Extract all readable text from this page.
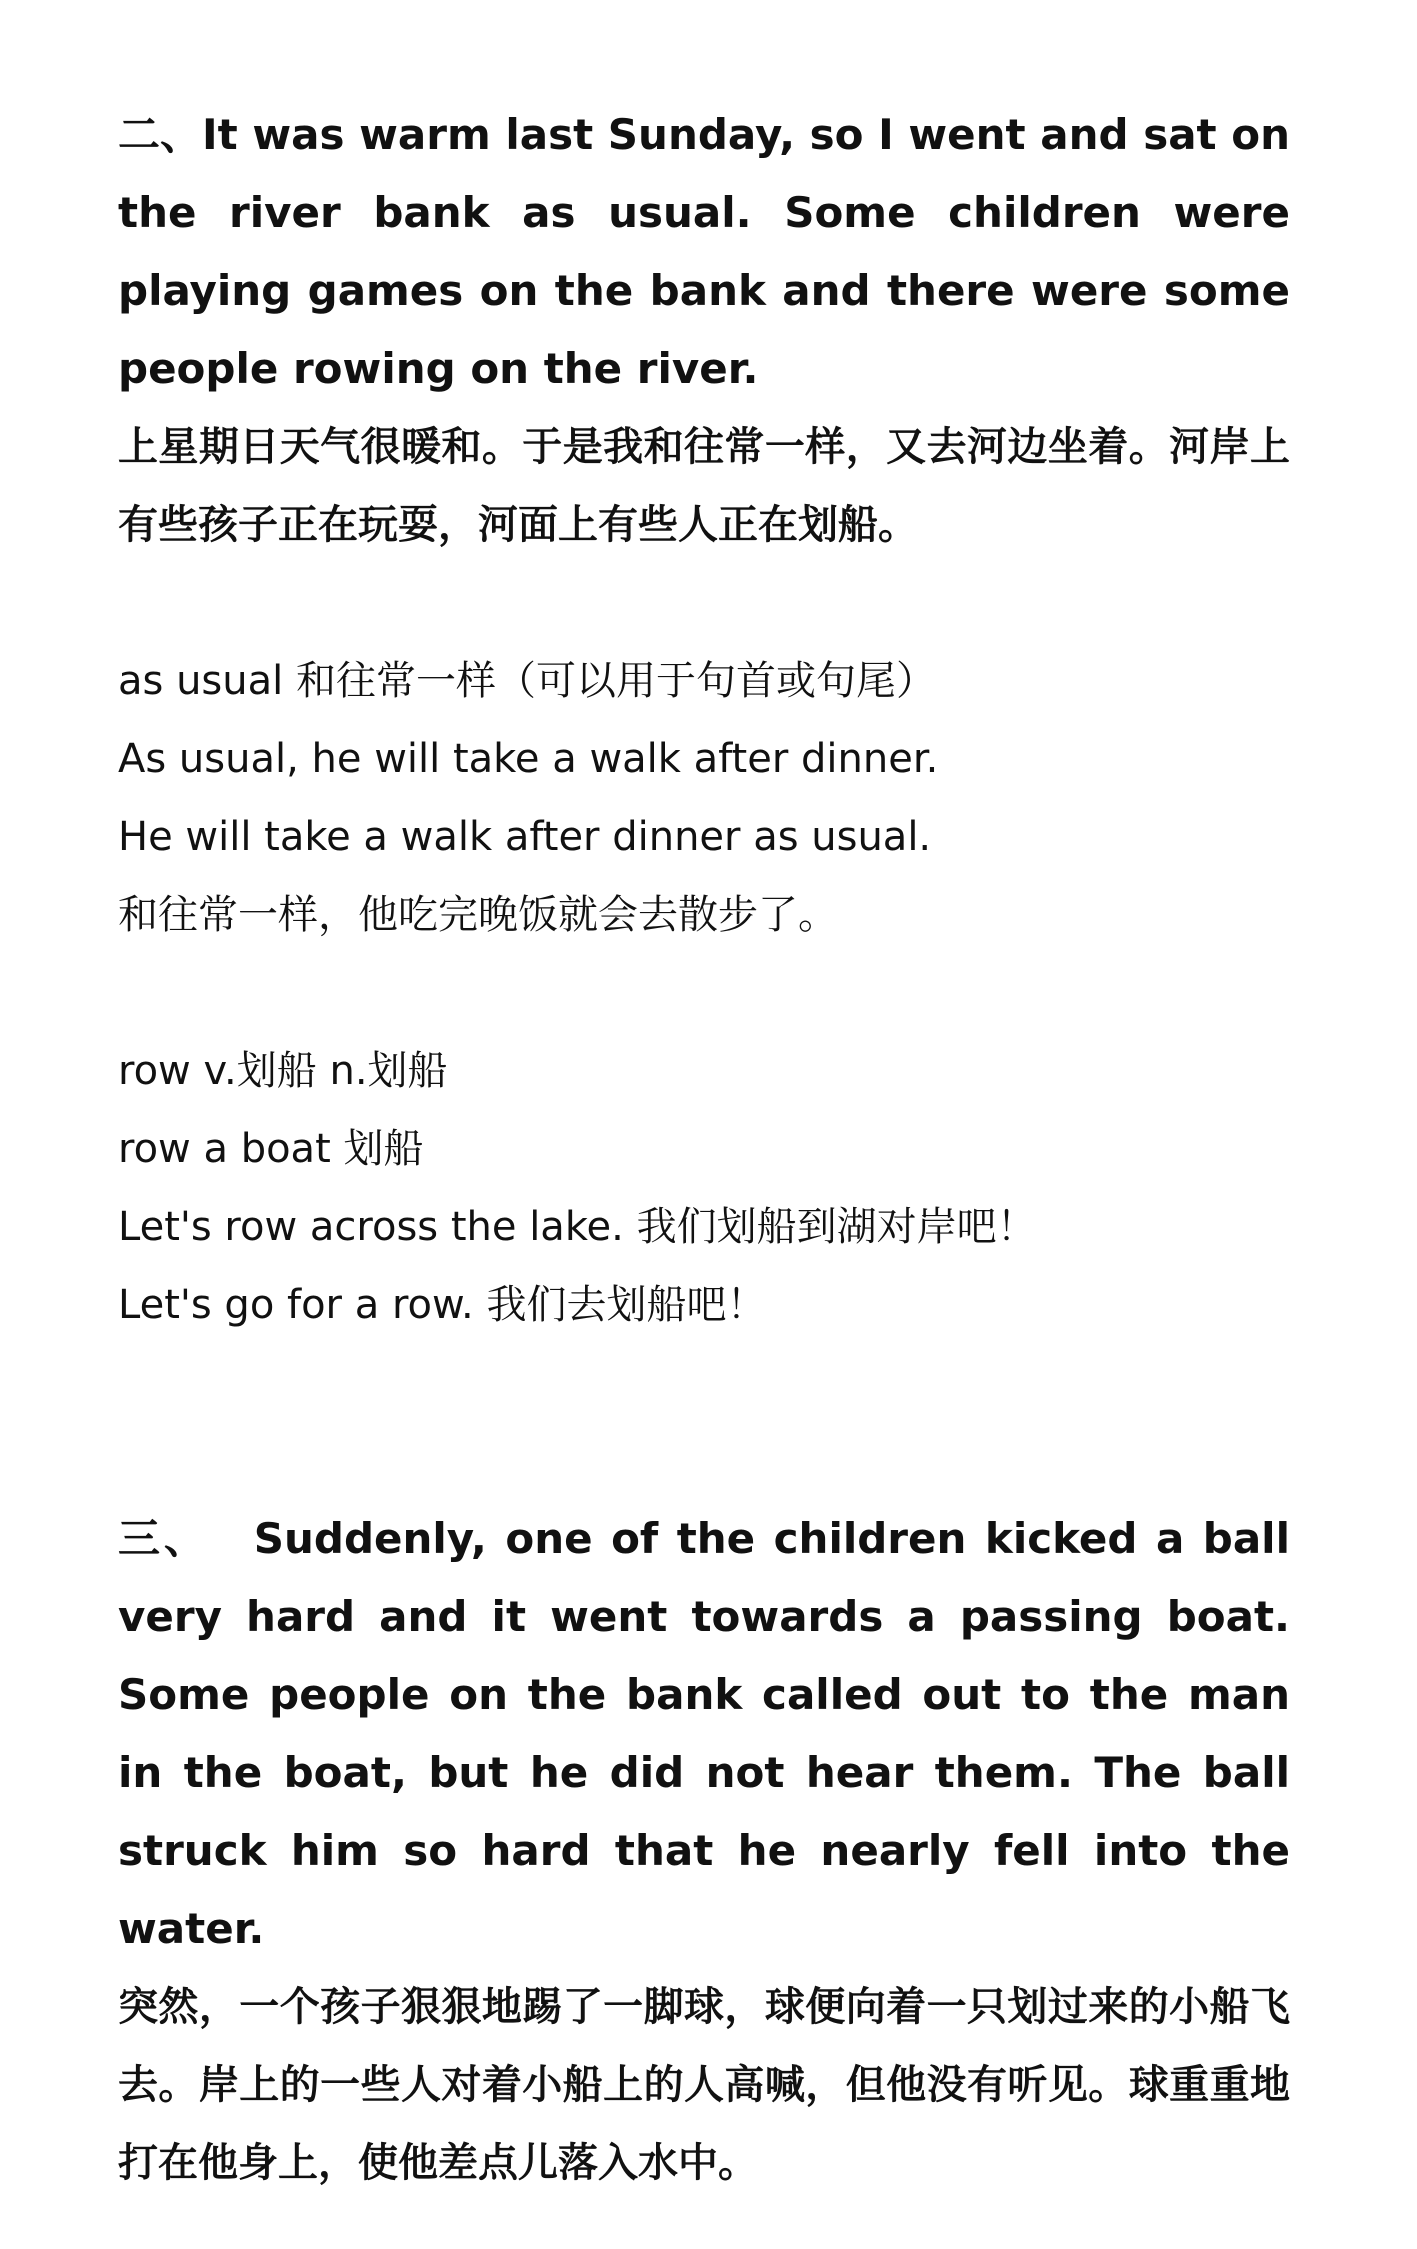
二、It was warm last Sunday, so I went and sat on the river bank as usual. Some children were playing games on the bank and there were some people rowing on the river.

上星期日天气很暖和。于是我和往常一样，又去河边坐着。河岸上有些孩子正在玩耍，河面上有些人正在划船。

as usual 和往常一样（可以用于句首或句尾）

As usual, he will take a walk after dinner.

He will take a walk after dinner as usual.

和往常一样，他吃完晚饭就会去散步了。

row v.划船 n.划船

row a boat 划船

Let's row across the lake. 我们划船到湖对岸吧！

Let's go for a row. 我们去划船吧！

三、 Suddenly, one of the children kicked a ball very hard and it went towards a passing boat. Some people on the bank called out to the man in the boat, but he did not hear them. The ball struck him so hard that he nearly fell into the water.

突然，一个孩子狠狠地踢了一脚球，球便向着一只划过来的小船飞去。岸上的一些人对着小船上的人高喊，但他没有听见。球重重地打在他身上，使他差点儿落入水中。
